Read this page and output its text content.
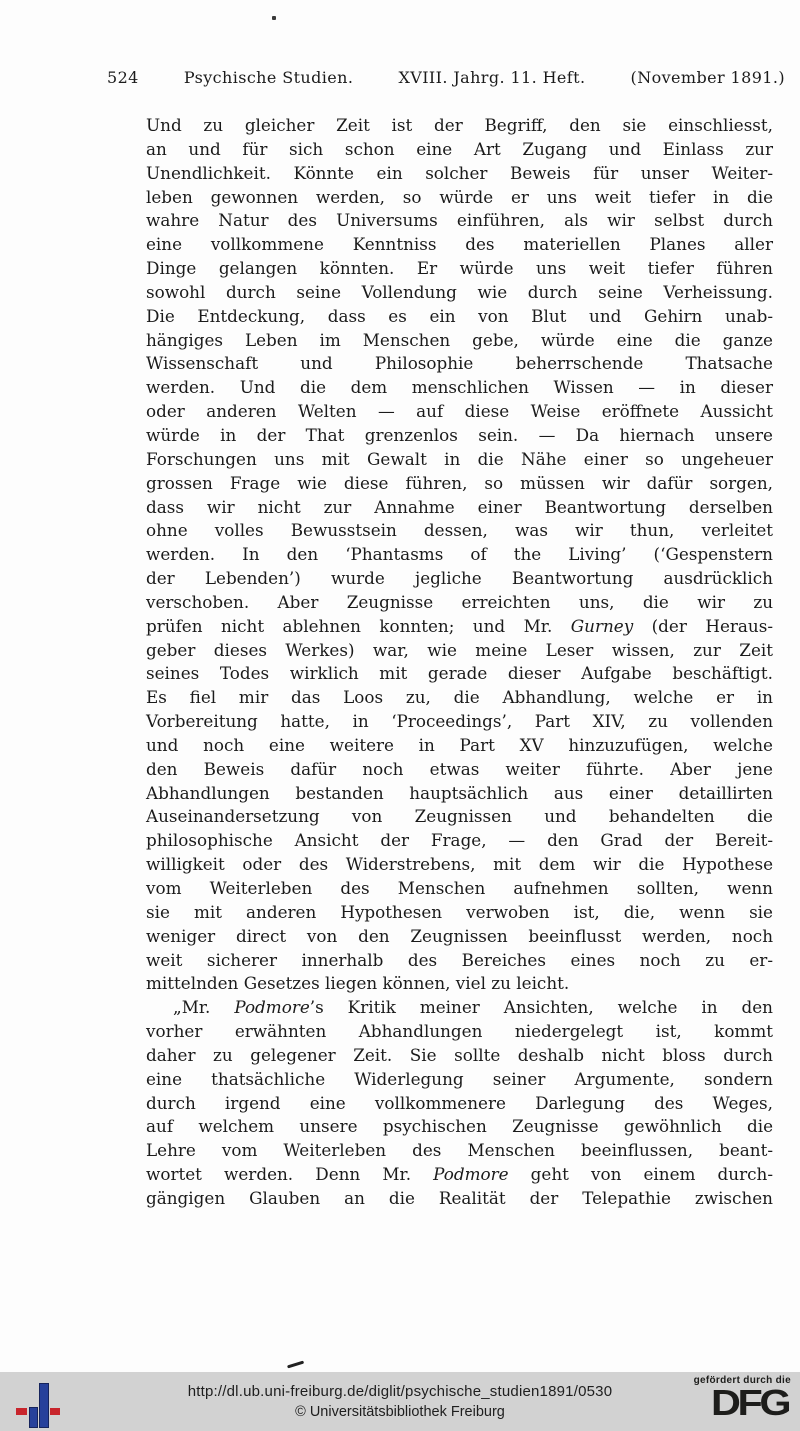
524	Psychische Studien.	XVIII. Jahrg. 11. Heft.	(November 1891.)
Und zu gleicher Zeit ist der Begriff, den sie einschliesst,
an und für sich schon eine Art Zugang und Einlass zur
Unendlichkeit. Könnte ein solcher Beweis für unser Weiter-
leben gewonnen werden, so würde er uns weit tiefer in die
wahre Natur des Universums einführen, als wir selbst durch
eine vollkommene Kenntniss des materiellen Planes aller
Dinge gelangen könnten. Er würde uns weit tiefer führen
sowohl durch seine Vollendung wie durch seine Verheissung.
Die Entdeckung, dass es ein von Blut und Gehirn unab-
hängiges Leben im Menschen gebe, würde eine die ganze
Wissenschaft und Philosophie beherrschende Thatsache
werden. Und die dem menschlichen Wissen — in dieser
oder anderen Welten — auf diese Weise eröffnete Aussicht
würde in der That grenzenlos sein. — Da hiernach unsere
Forschungen uns mit Gewalt in die Nähe einer so ungeheuer
grossen Frage wie diese führen, so müssen wir dafür sorgen,
dass wir nicht zur Annahme einer Beantwortung derselben
ohne volles Bewusstsein dessen, was wir thun, verleitet
werden. In den ‘Phantasms of the Living’ (‘Gespenstern
der Lebenden’) wurde jegliche Beantwortung ausdrücklich
verschoben. Aber Zeugnisse erreichten uns, die wir zu
prüfen nicht ablehnen konnten; und Mr. Gurney (der Heraus-
geber dieses Werkes) war, wie meine Leser wissen, zur Zeit
seines Todes wirklich mit gerade dieser Aufgabe beschäftigt.
Es fiel mir das Loos zu, die Abhandlung, welche er in
Vorbereitung hatte, in ‘Proceedings’, Part XIV, zu vollenden
und noch eine weitere in Part XV hinzuzufügen, welche
den Beweis dafür noch etwas weiter führte. Aber jene
Abhandlungen bestanden hauptsächlich aus einer detaillirten
Auseinandersetzung von Zeugnissen und behandelten die
philosophische Ansicht der Frage, — den Grad der Bereit-
willigkeit oder des Widerstrebens, mit dem wir die Hypothese
vom Weiterleben des Menschen aufnehmen sollten, wenn
sie mit anderen Hypothesen verwoben ist, die, wenn sie
weniger direct von den Zeugnissen beeinflusst werden, noch
weit sicherer innerhalb des Bereiches eines noch zu er-
mittelnden Gesetzes liegen können, viel zu leicht.
„Mr. Podmore’s Kritik meiner Ansichten, welche in den
vorher erwähnten Abhandlungen niedergelegt ist, kommt
daher zu gelegener Zeit. Sie sollte deshalb nicht bloss durch
eine thatsächliche Widerlegung seiner Argumente, sondern
durch irgend eine vollkommenere Darlegung des Weges,
auf welchem unsere psychischen Zeugnisse gewöhnlich die
Lehre vom Weiterleben des Menschen beeinflussen, beant-
wortet werden. Denn Mr. Podmore geht von einem durch-
gängigen Glauben an die Realität der Telepathie zwischen
http://dl.ub.uni-freiburg.de/diglit/psychische_studien1891/0530
© Universitätsbibliothek Freiburg
gefördert durch die
DFG
